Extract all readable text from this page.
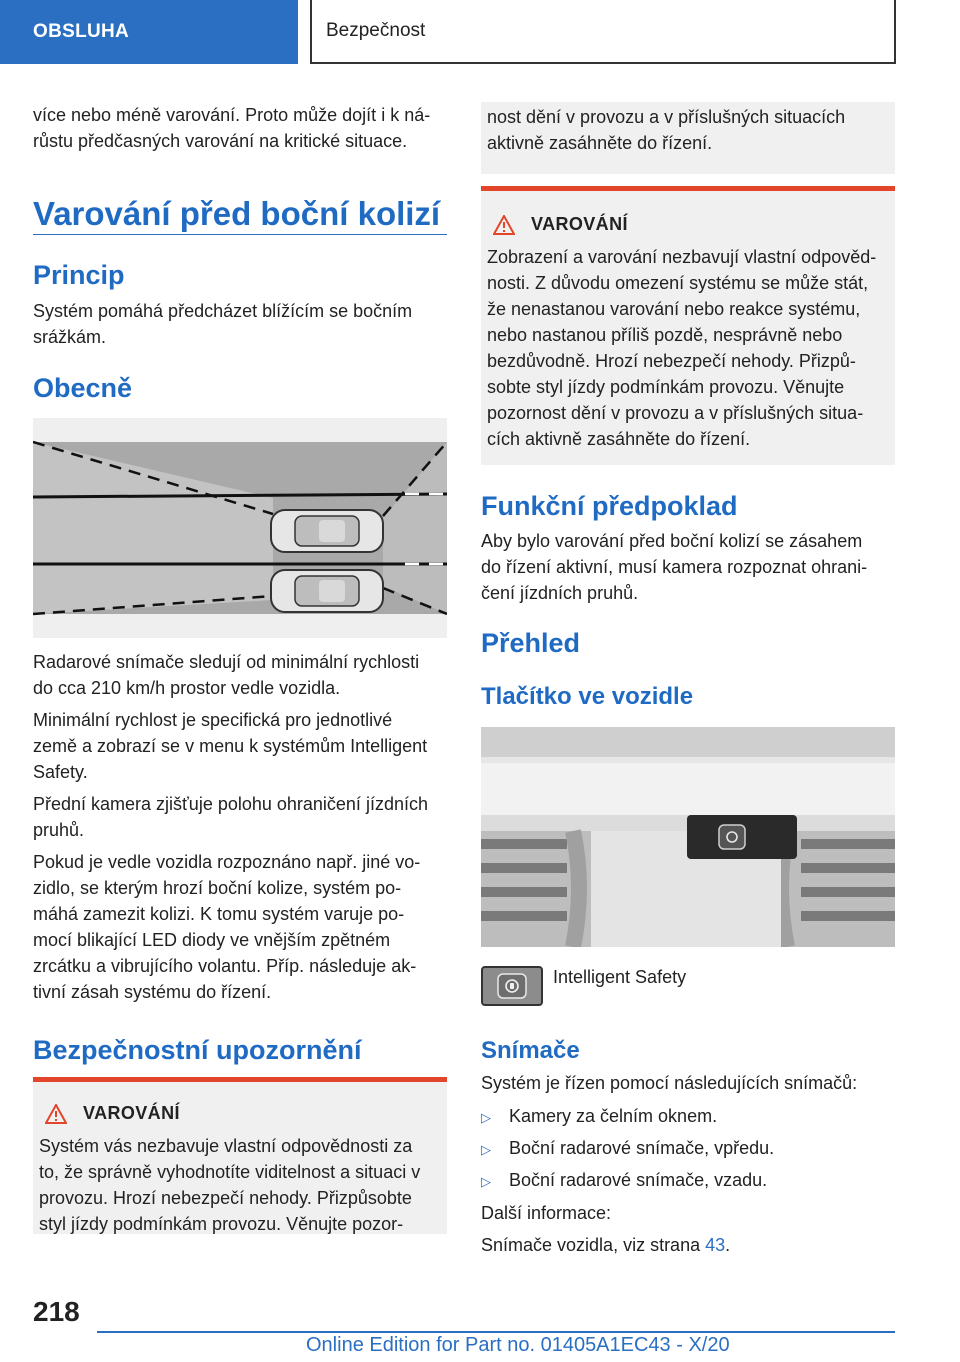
OBSLUHA	Bezpečnost

více nebo méně varování. Proto může dojít i k ná-
růstu předčasných varování na kritické situace.

Varování před boční kolizí
Princip

Systém pomáhá předcházet blížícím se bočním
srážkám.

Obecně

Radarové snímače sledují od minimální rychlosti
do cca 210 km/h prostor vedle vozidla.

Minimální rychlost je specifická pro jednotlivé
země a zobrazí se v menu k systémům Intelligent
Safety.

Přední kamera zjišťuje polohu ohraničení jízdních
pruhů.

Pokud je vedle vozidla rozpoznáno např. jiné vo-
zidlo, se kterým hrozí boční kolize, systém po-
máhá zamezit kolizi. K tomu systém varuje po-
mocí blikající LED diody ve vnějším zpětném
zrcátku a vibrujícího volantu. Příp. následuje ak-
tivní zásah systému do řízení.

Bezpečnostní upozornění
VAROVÁNÍ

Systém vás nezbavuje vlastní odpovědnosti za
to, že správně vyhodnotíte viditelnost a situaci v
provozu. Hrozí nebezpečí nehody. Přizpůsobte
styl jízdy podmínkám provozu. Věnujte pozor-

nost dění v provozu a v příslušných situacích
aktivně zasáhněte do řízení.

VAROVÁNÍ

Zobrazení a varování nezbavují vlastní odpověd-
nosti. Z důvodu omezení systému se může stát,
že nenastanou varování nebo reakce systému,
nebo nastanou příliš pozdě, nesprávně nebo
bezdůvodně. Hrozí nebezpečí nehody. Přizpů-
sobte styl jízdy podmínkám provozu. Věnujte
pozornost dění v provozu a v příslušných situa-
cích aktivně zasáhněte do řízení.

Funkční předpoklad

Aby bylo varování před boční kolizí se zásahem
do řízení aktivní, musí kamera rozpoznat ohrani-
čení jízdních pruhů.

Přehled
Tlačítko ve vozidle
Intelligent Safety
Snímače

Systém je řízen pomocí následujících snímačů:

▷	Kamery za čelním oknem.

▷	Boční radarové snímače, vpředu.

▷	Boční radarové snímače, vzadu.

Další informace:

Snímače vozidla, viz strana 43.

218
Online Edition for Part no. 01405A1EC43 - X/20
